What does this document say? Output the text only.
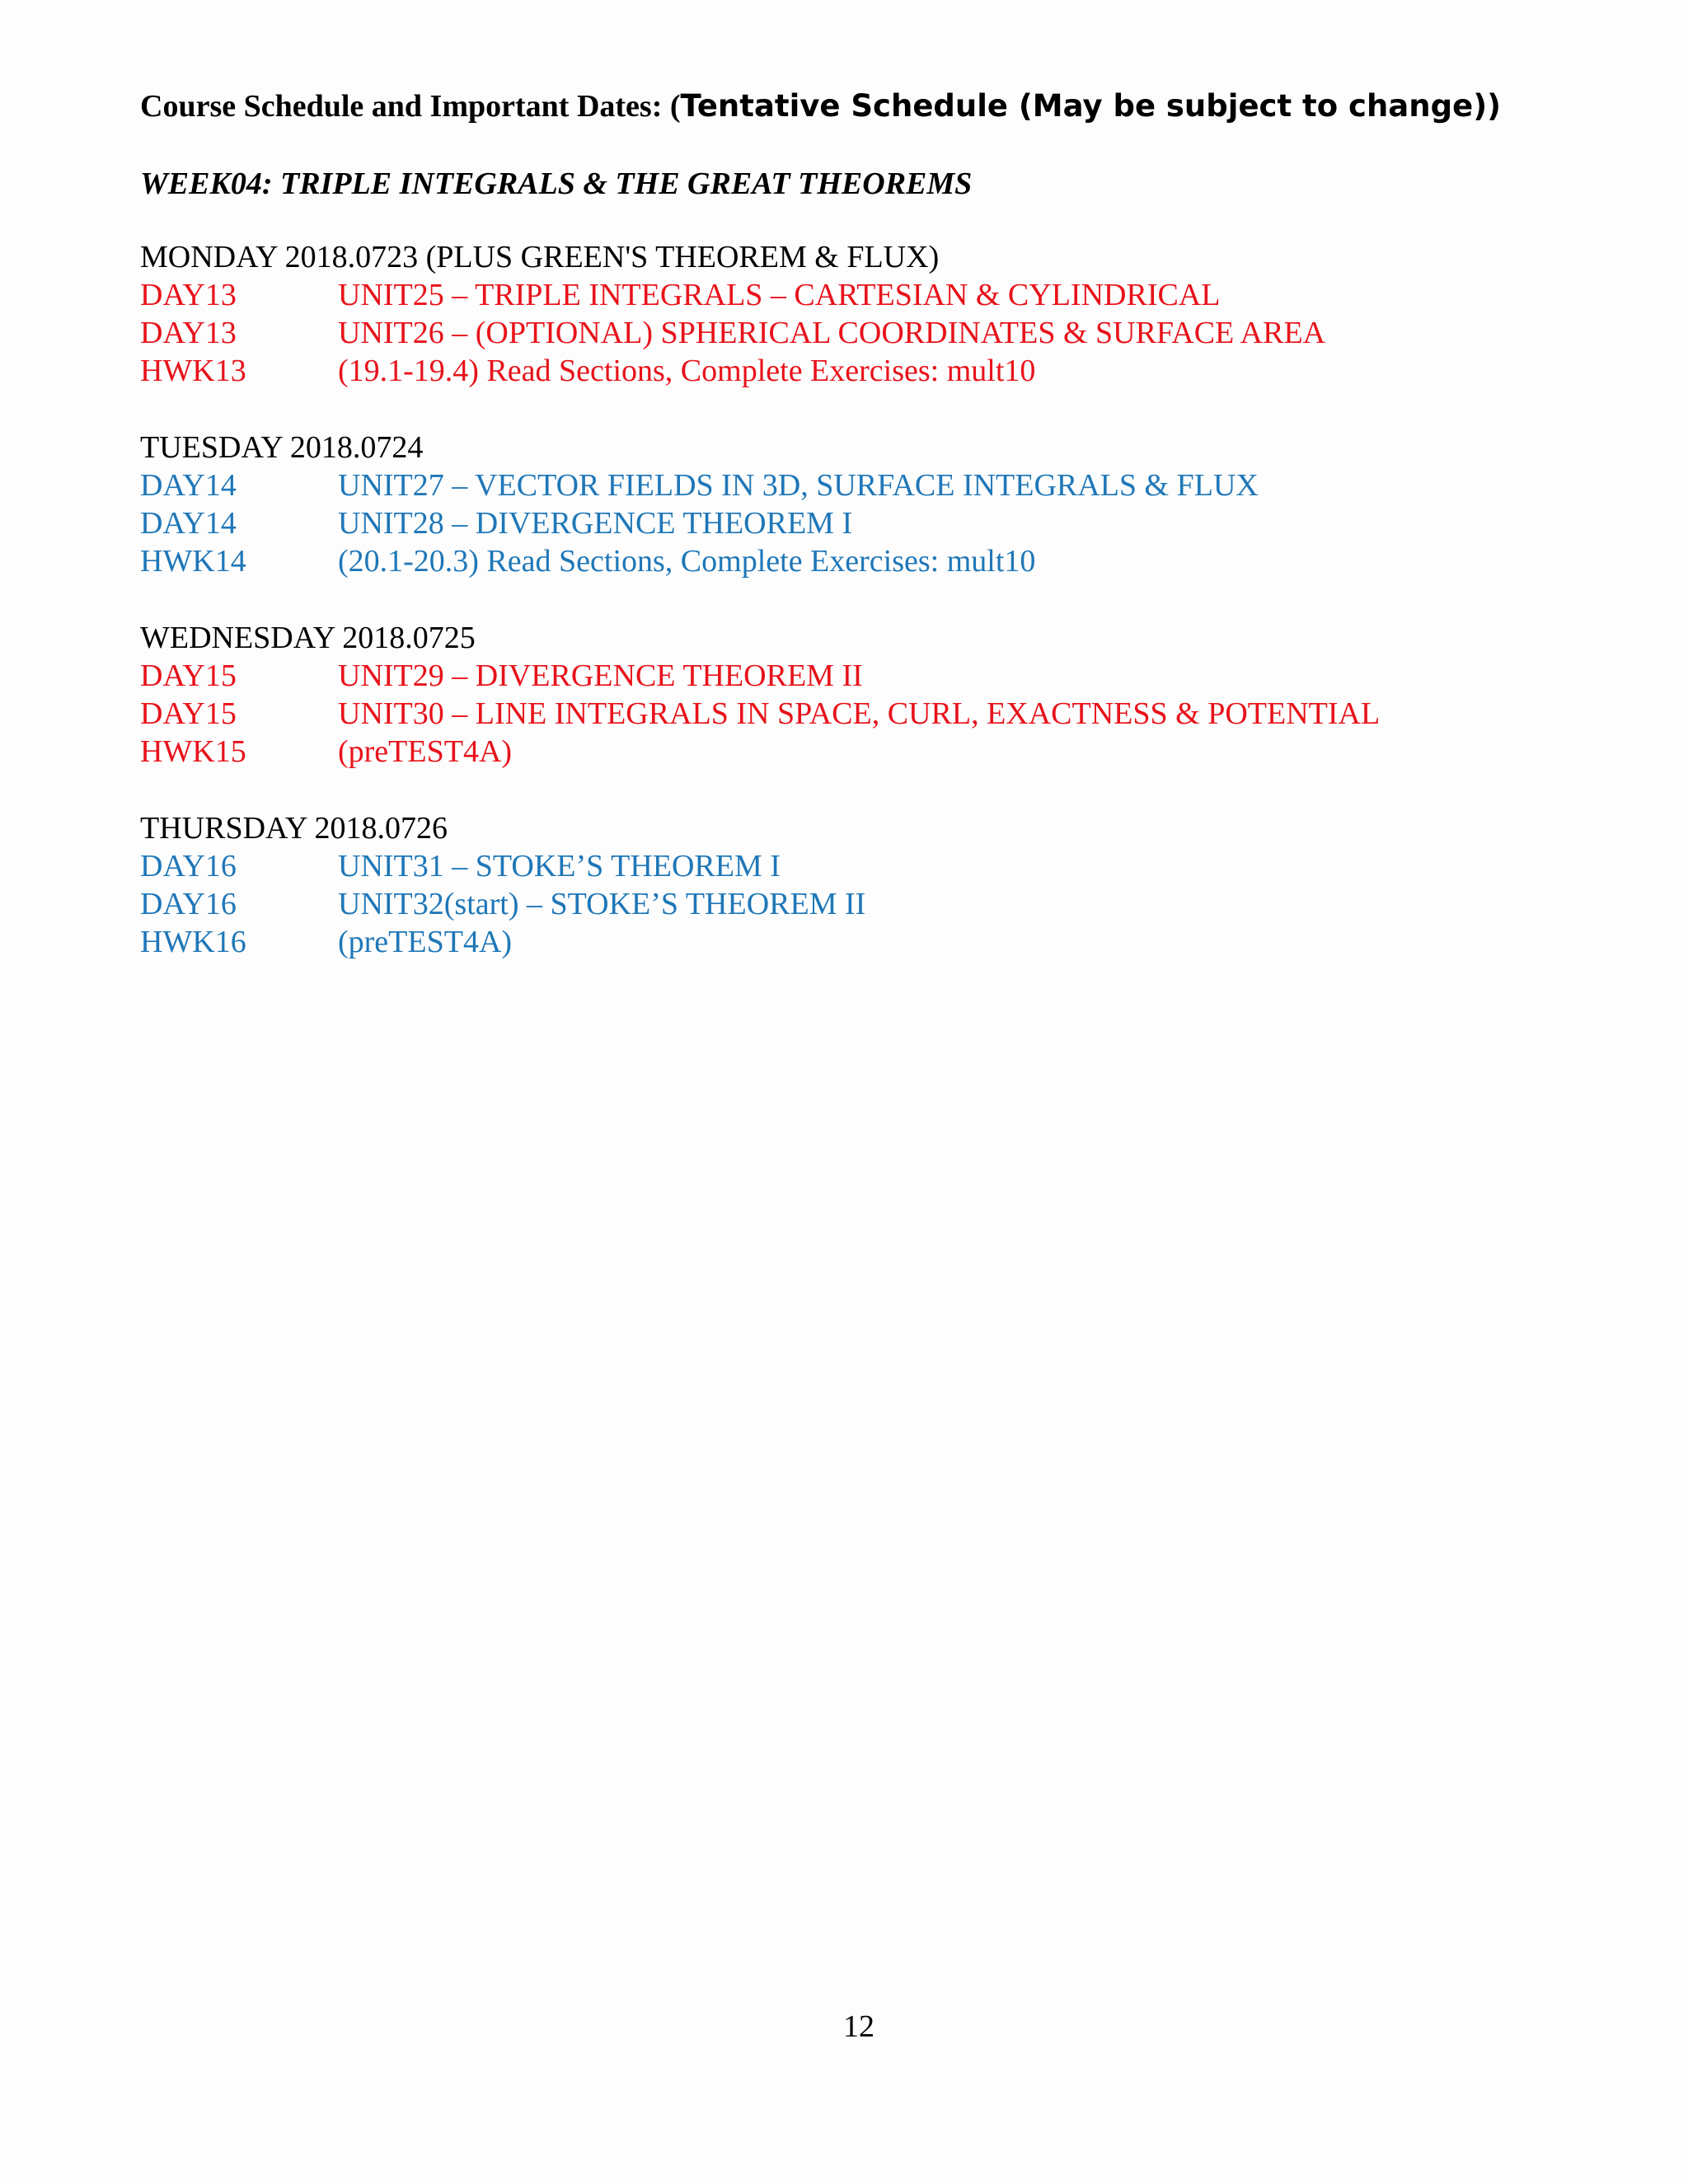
Course Schedule and Important Dates: (Tentative Schedule (May be subject to change))
WEEK04: TRIPLE INTEGRALS & THE GREAT THEOREMS
MONDAY 2018.0723 (PLUS GREEN'S THEOREM & FLUX)
DAY13	UNIT25 – TRIPLE INTEGRALS – CARTESIAN & CYLINDRICAL
DAY13	UNIT26 – (OPTIONAL) SPHERICAL COORDINATES & SURFACE AREA
HWK13	(19.1-19.4) Read Sections, Complete Exercises: mult10
TUESDAY 2018.0724
DAY14	UNIT27 – VECTOR FIELDS IN 3D, SURFACE INTEGRALS & FLUX
DAY14	UNIT28 – DIVERGENCE THEOREM I
HWK14	(20.1-20.3) Read Sections, Complete Exercises: mult10
WEDNESDAY 2018.0725
DAY15	UNIT29 – DIVERGENCE THEOREM II
DAY15	UNIT30 – LINE INTEGRALS IN SPACE, CURL, EXACTNESS & POTENTIAL
HWK15	(preTEST4A)
THURSDAY 2018.0726
DAY16	UNIT31 – STOKE’S THEOREM I
DAY16	UNIT32(start) – STOKE’S THEOREM II
HWK16	(preTEST4A)
12
